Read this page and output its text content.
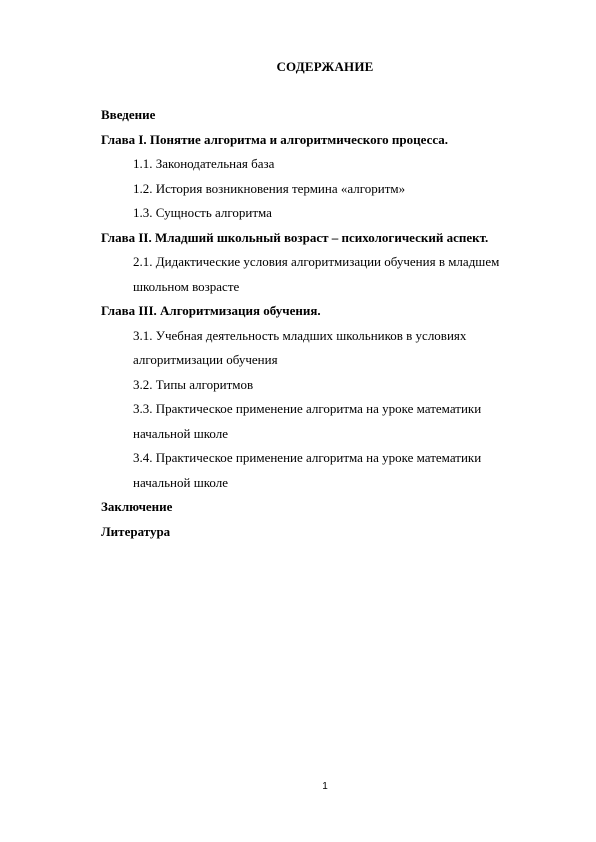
СОДЕРЖАНИЕ
Введение
Глава I. Понятие алгоритма и алгоритмического процесса.
1.1. Законодательная база
1.2. История возникновения термина «алгоритм»
1.3. Сущность алгоритма
Глава II. Младший школьный возраст – психологический аспект.
2.1. Дидактические условия алгоритмизации обучения в младшем
школьном возрасте
Глава III. Алгоритмизация обучения.
3.1. Учебная деятельность младших школьников в условиях
алгоритмизации обучения
3.2. Типы алгоритмов
3.3. Практическое применение алгоритма на уроке математики
начальной школе
3.4. Практическое применение алгоритма на уроке математики
начальной школе
Заключение
Литература
1
